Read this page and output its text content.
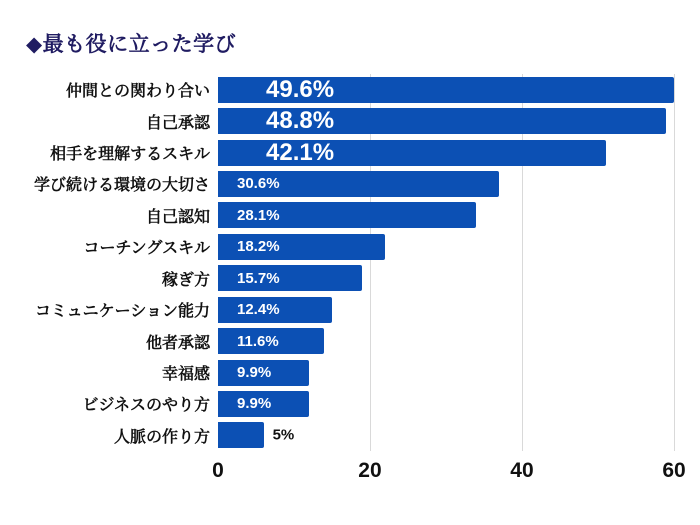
◆最も役に立った学び
0	20	40	60
仲間との関わり合い	49.6%
自己承認	48.8%
相手を理解するスキル	42.1%
学び続ける環境の大切さ	30.6%
自己認知	28.1%
コーチングスキル	18.2%
稼ぎ方	15.7%
コミュニケーション能力	12.4%
他者承認	11.6%
幸福感	9.9%
ビジネスのやり方	9.9%
人脈の作り方	5%
